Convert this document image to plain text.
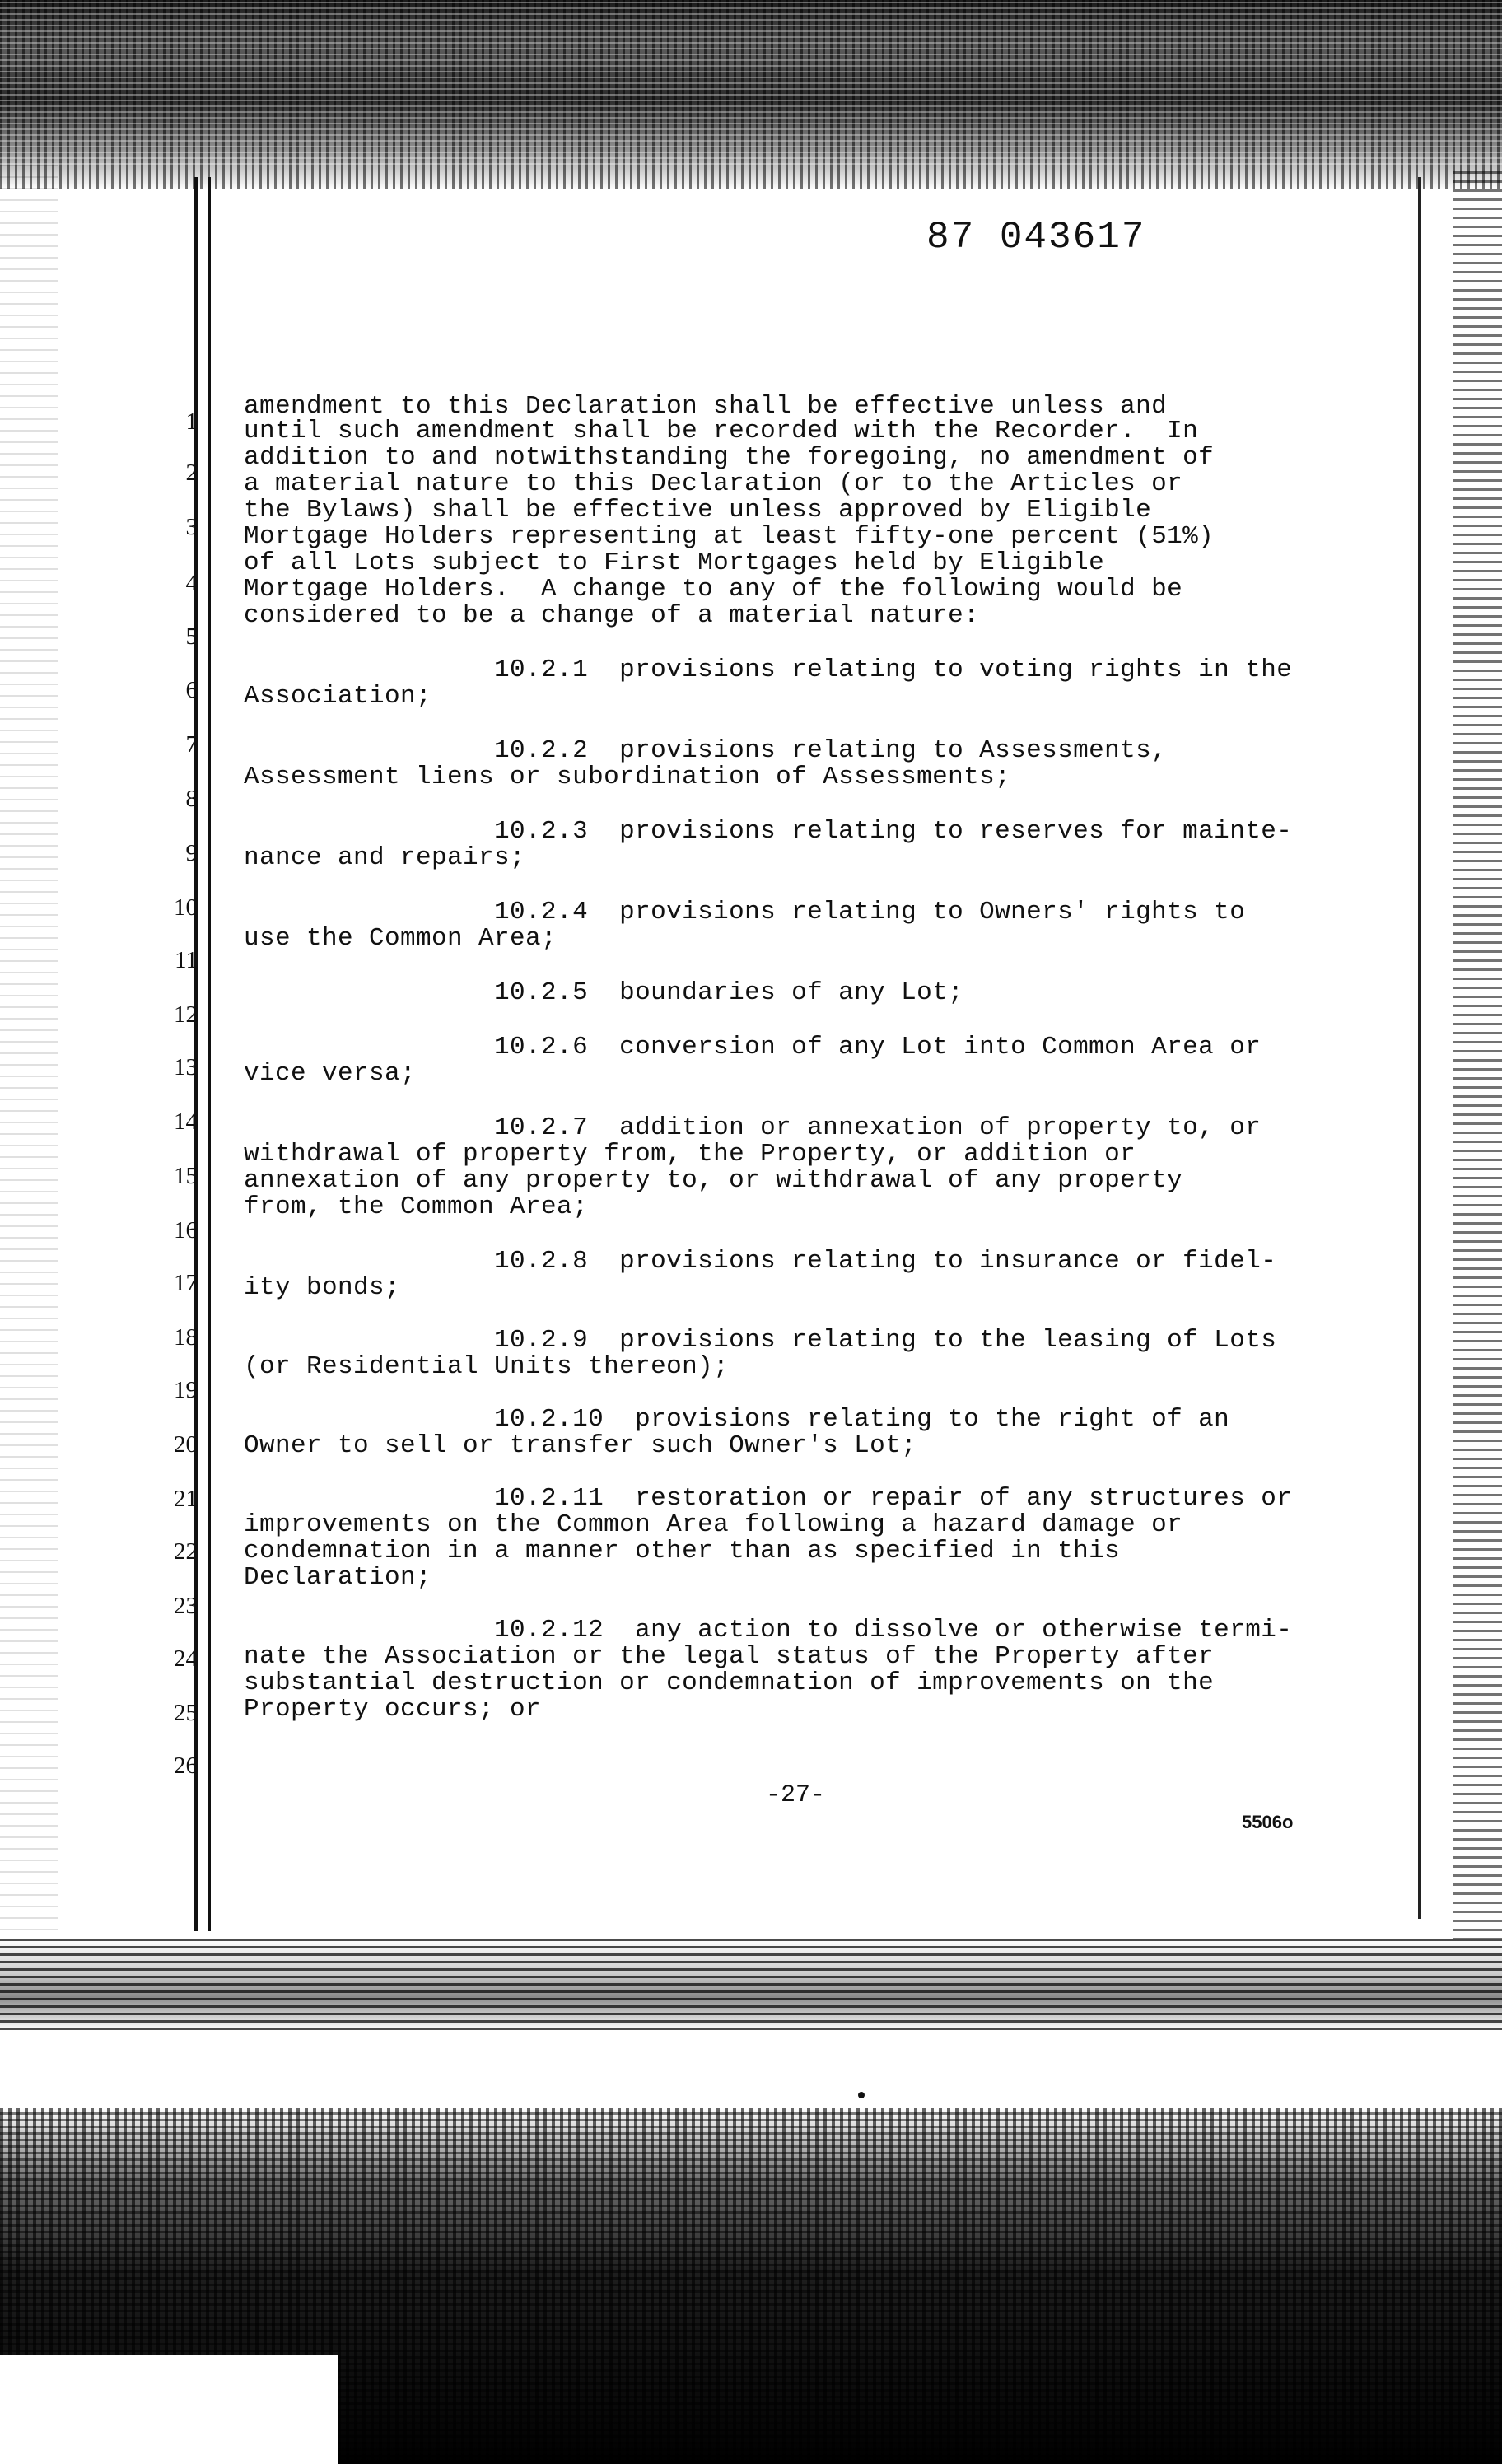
87 043617
1
2
3
4
5
6
7
8
9
10
11
12
13
14
15
16
17
18
19
20
21
22
23
24
25
26
amendment to this Declaration shall be effective unless and
until such amendment shall be recorded with the Recorder.  In
addition to and notwithstanding the foregoing, no amendment of
a material nature to this Declaration (or to the Articles or
the Bylaws) shall be effective unless approved by Eligible
Mortgage Holders representing at least fifty-one percent (51%)
of all Lots subject to First Mortgages held by Eligible
Mortgage Holders.  A change to any of the following would be
considered to be a change of a material nature:
10.2.1  provisions relating to voting rights in the
Association;
10.2.2  provisions relating to Assessments,
Assessment liens or subordination of Assessments;
10.2.3  provisions relating to reserves for mainte-
nance and repairs;
10.2.4  provisions relating to Owners' rights to
use the Common Area;
10.2.5  boundaries of any Lot;
10.2.6  conversion of any Lot into Common Area or
vice versa;
10.2.7  addition or annexation of property to, or
withdrawal of property from, the Property, or addition or
annexation of any property to, or withdrawal of any property
from, the Common Area;
10.2.8  provisions relating to insurance or fidel-
ity bonds;
10.2.9  provisions relating to the leasing of Lots
(or Residential Units thereon);
10.2.10  provisions relating to the right of an
Owner to sell or transfer such Owner's Lot;
10.2.11  restoration or repair of any structures or
improvements on the Common Area following a hazard damage or
condemnation in a manner other than as specified in this
Declaration;
10.2.12  any action to dissolve or otherwise termi-
nate the Association or the legal status of the Property after
substantial destruction or condemnation of improvements on the
Property occurs; or
-27-
5506o
